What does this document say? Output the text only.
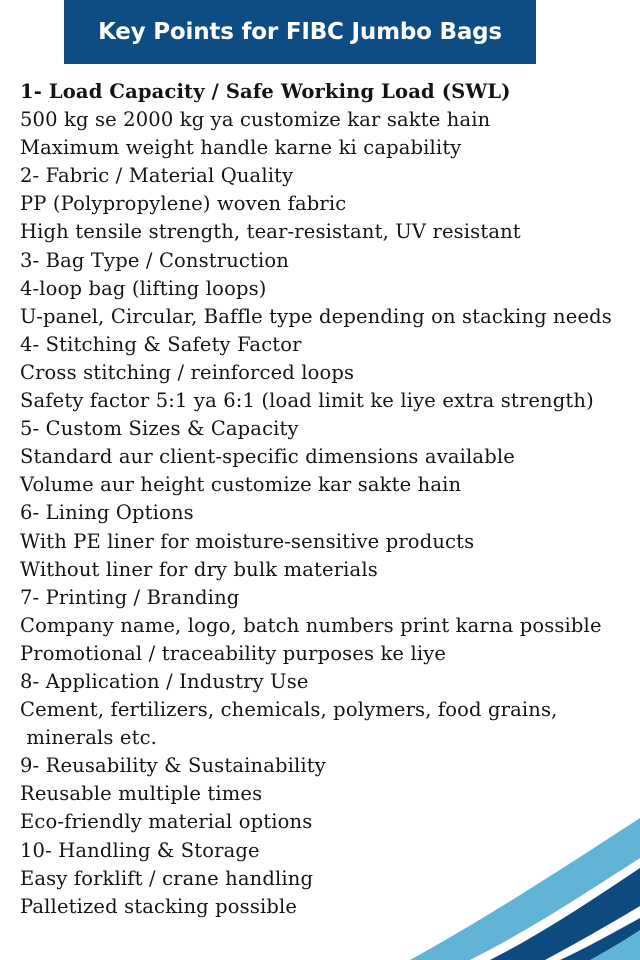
Key Points for FIBC Jumbo Bags
1- Load Capacity / Safe Working Load (SWL)
500 kg se 2000 kg ya customize kar sakte hain
Maximum weight handle karne ki capability
2- Fabric / Material Quality
PP (Polypropylene) woven fabric
High tensile strength, tear-resistant, UV resistant
3- Bag Type / Construction
4-loop bag (lifting loops)
U-panel, Circular, Baffle type depending on stacking needs
4- Stitching & Safety Factor
Cross stitching / reinforced loops
Safety factor 5:1 ya 6:1 (load limit ke liye extra strength)
5- Custom Sizes & Capacity
Standard aur client-specific dimensions available
Volume aur height customize kar sakte hain
6- Lining Options
With PE liner for moisture-sensitive products
Without liner for dry bulk materials
7- Printing / Branding
Company name, logo, batch numbers print karna possible
Promotional / traceability purposes ke liye
8- Application / Industry Use
Cement, fertilizers, chemicals, polymers, food grains,
minerals etc.
9- Reusability & Sustainability
Reusable multiple times
Eco-friendly material options
10- Handling & Storage
Easy forklift / crane handling
Palletized stacking possible
